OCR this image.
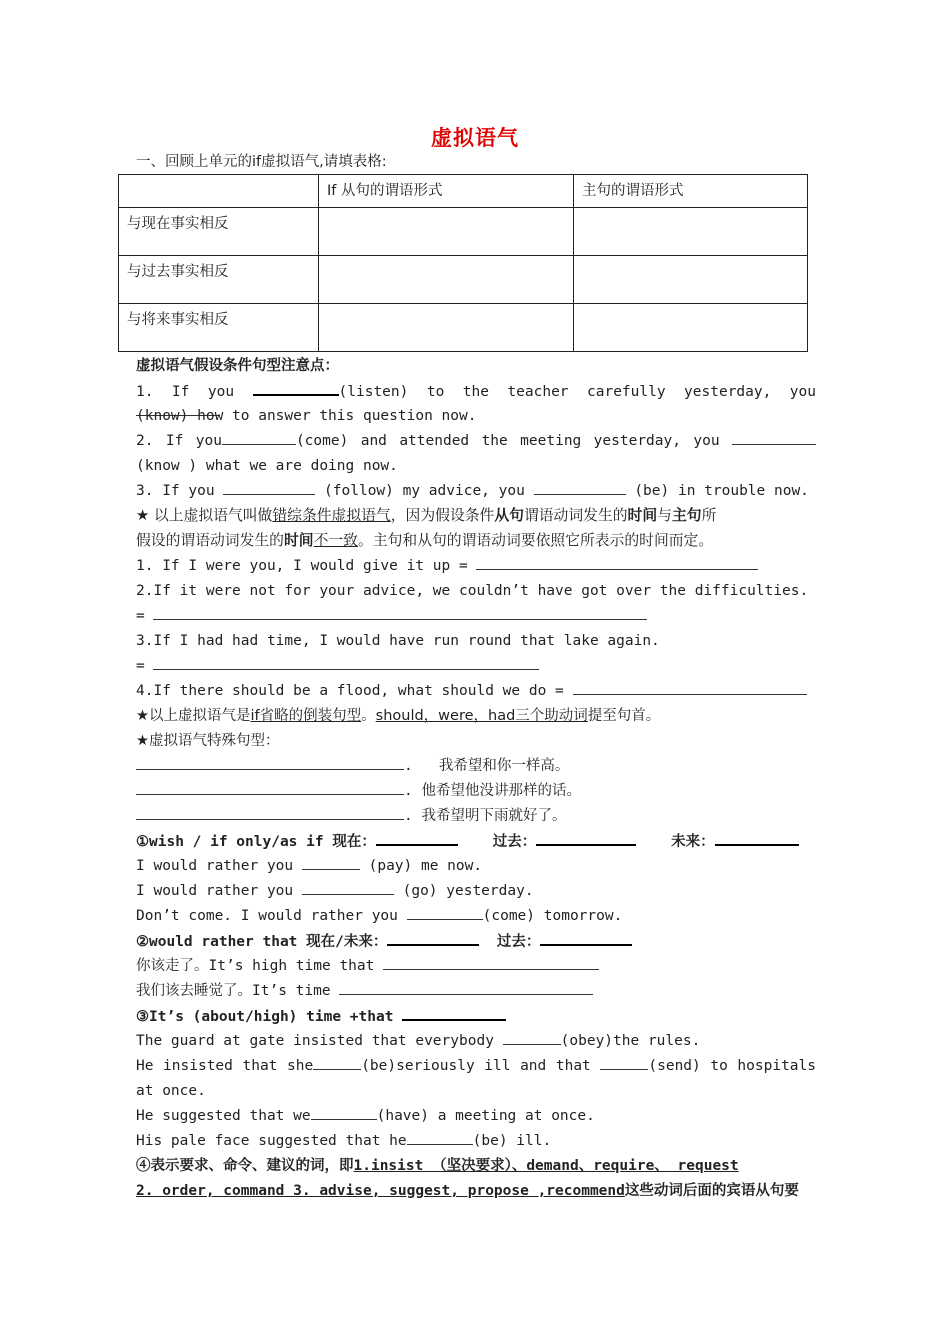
虚拟语气
一、回顾上单元的if虚拟语气,请填表格:
	If 从句的谓语形式	主句的谓语形式
与现在事实相反		
与过去事实相反		
与将来事实相反		
虚拟语气假设条件句型注意点：
1. If you	(listen) to the teacher carefully yesterday, you
(know) how to answer this question now.
2. If you	(come) and attended the meeting yesterday, you
(know ) what we are doing now.
3. If you	(follow) my advice, you	(be) in trouble now.
★ 以上虚拟语气叫做错综条件虚拟语气，因为假设条件从句谓语动词发生的时间与主句所
假设的谓语动词发生的时间不一致。主句和从句的谓语动词要依照它所表示的时间而定。
1. If I were you, I would give it up =
2.If it were not for your advice, we couldn’t have got over the difficulties.
=
3.If I had had time, I would have run round that lake again.
=
4.If there should be a flood, what should we do =
★以上虚拟语气是if省略的倒装句型。should，were，had三个助动词提至句首。
★虚拟语气特殊句型：
.   我希望和你一样高。
. 他希望他没讲那样的话。
. 我希望明下雨就好了。
①wish / if only/as if 现在：	过去：	未来：
I would rather you	(pay) me now.
I would rather you	(go) yesterday.
Don’t come. I would rather you	(come) tomorrow.
②would rather that 现在/未来：	过去：
你该走了。It’s high time that
我们该去睡觉了。It’s time
③It’s (about/high) time +that
The guard at gate insisted that everybody	(obey)the rules.
He insisted that she	(be)seriously ill and that	(send) to hospitals
at once.
He suggested that we	(have) a meeting at once.
His pale face suggested that he	(be) ill.
④表示要求、命令、建议的词，即1.insist （坚决要求）、demand、require、 request
2. order, command 3. advise, suggest, propose ,recommend这些动词后面的宾语从句要
